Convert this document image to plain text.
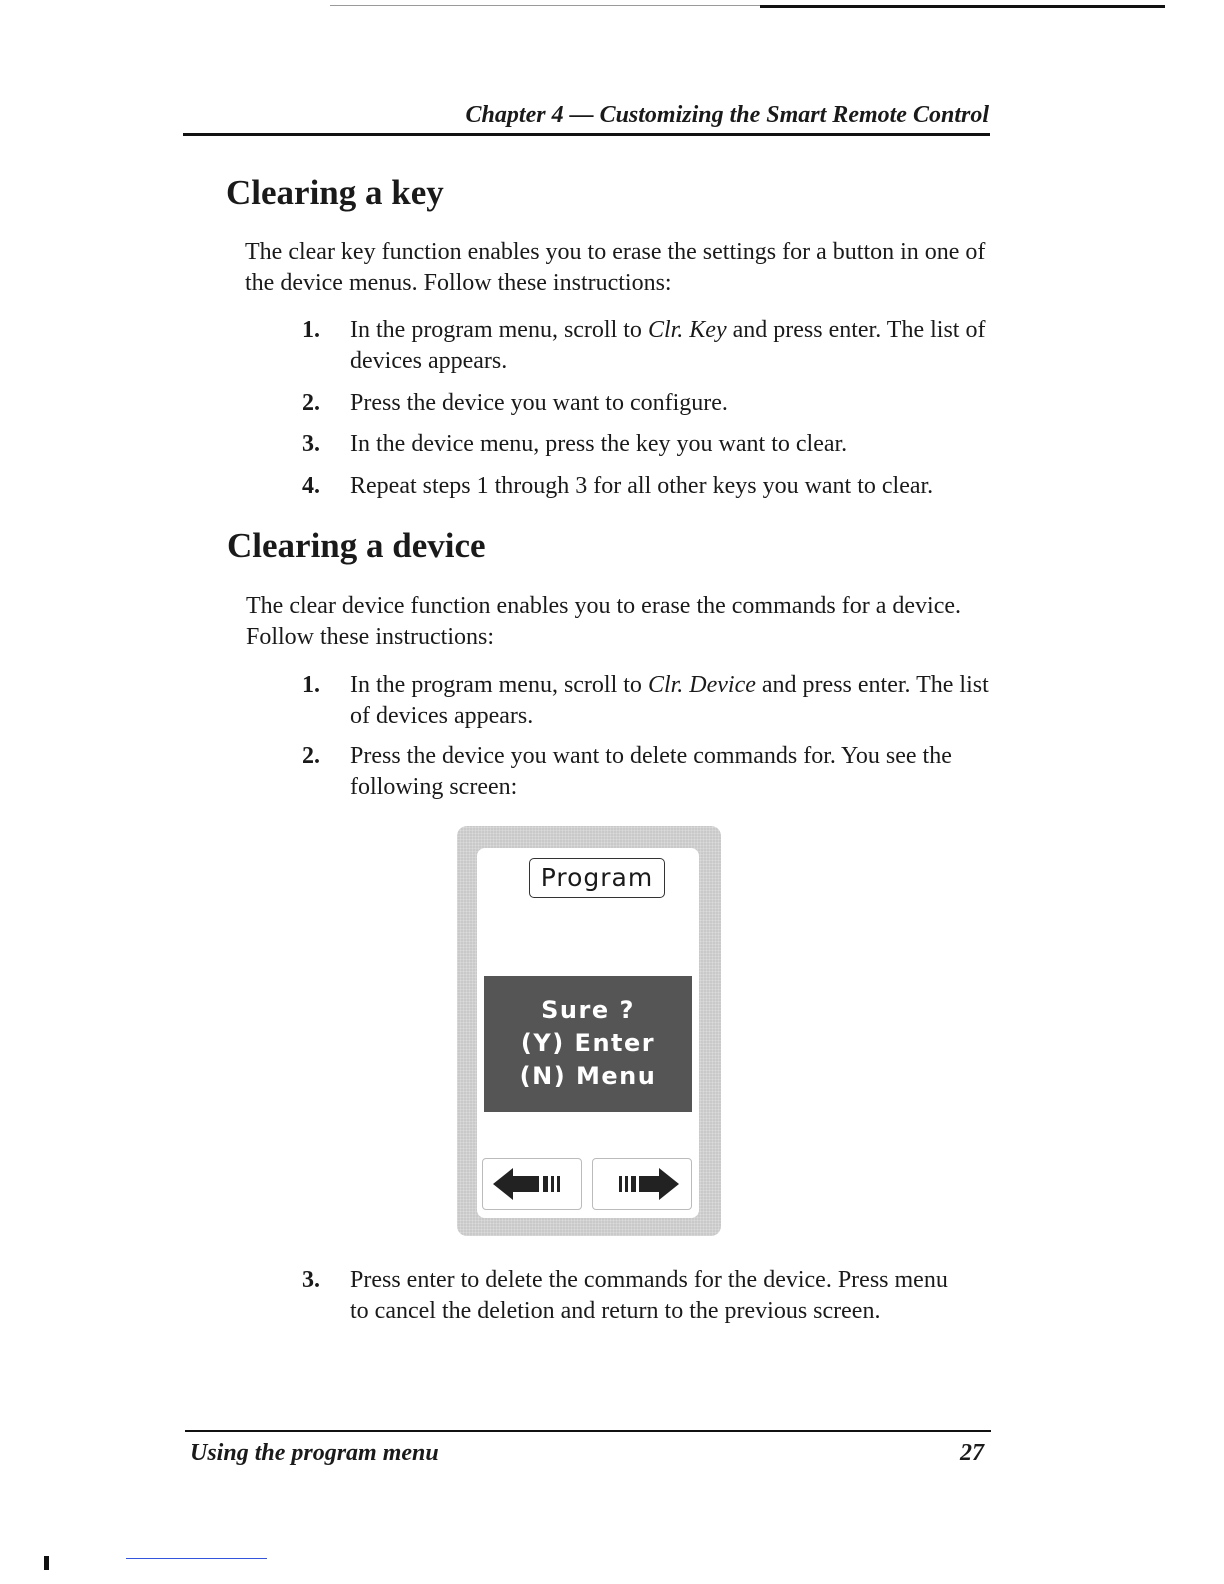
Chapter 4 — Customizing the Smart Remote Control
Clearing a key

The clear key function enables you to erase the settings for a button in one of the device menus. Follow these instructions:

1. In the program menu, scroll to Clr. Key and press enter. The list of devices appears.
2. Press the device you want to configure.
3. In the device menu, press the key you want to clear.
4. Repeat steps 1 through 3 for all other keys you want to clear.
Clearing a device

The clear device function enables you to erase the commands for a device. Follow these instructions:

1. In the program menu, scroll to Clr. Device and press enter. The list of devices appears.
2. Press the device you want to delete commands for. You see the following screen:
Program
Sure ?
(Y) Enter
(N) Menu
3. Press enter to delete the commands for the device. Press menu to cancel the deletion and return to the previous screen.
Using the program menu	27
